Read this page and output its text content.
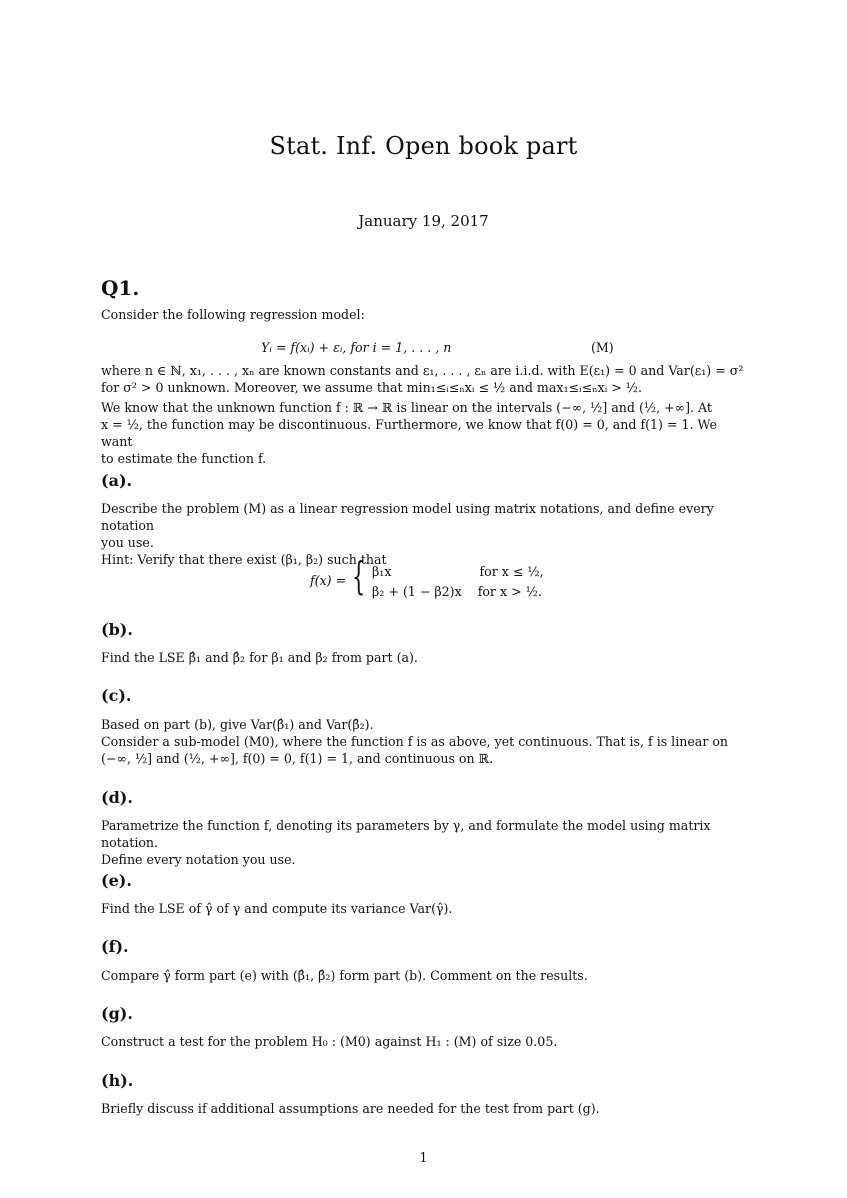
Stat. Inf. Open book part
January 19, 2017
Q1.
Consider the following regression model:
Yᵢ = f(xᵢ) + εᵢ, for i = 1, . . . , n	(M)
where n ∈ ℕ, x₁, . . . , xₙ are known constants and ε₁, . . . , εₙ are i.i.d. with E(ε₁) = 0 and Var(ε₁) = σ²
for σ² > 0 unknown. Moreover, we assume that min₁≤ᵢ≤ₙxᵢ ≤ ½ and max₁≤ᵢ≤ₙxᵢ > ½.
We know that the unknown function f : ℝ → ℝ is linear on the intervals (−∞, ½] and (½, +∞]. At
x = ½, the function may be discontinuous. Furthermore, we know that f(0) = 0, and f(1) = 1. We want
to estimate the function f.
(a).
Describe the problem (M) as a linear regression model using matrix notations, and define every notation
you use.
Hint: Verify that there exist (β₁, β₂) such that
f(x) = { β₁x                      for x ≤ ½,
β₂ + (1 − β2)x    for x > ½.
(b).
Find the LSE β̂₁ and β̂₂ for β₁ and β₂ from part (a).
(c).
Based on part (b), give Var(β̂₁) and Var(β̂₂).
Consider a sub-model (M0), where the function f is as above, yet continuous. That is, f is linear on
(−∞, ½] and (½, +∞], f(0) = 0, f(1) = 1, and continuous on ℝ.
(d).
Parametrize the function f, denoting its parameters by γ, and formulate the model using matrix notation.
Define every notation you use.
(e).
Find the LSE of γ̂ of γ and compute its variance Var(γ̂).
(f).
Compare γ̂ form part (e) with (β̂₁, β̂₂) form part (b). Comment on the results.
(g).
Construct a test for the problem H₀ : (M0) against H₁ : (M) of size 0.05.
(h).
Briefly discuss if additional assumptions are needed for the test from part (g).
1
